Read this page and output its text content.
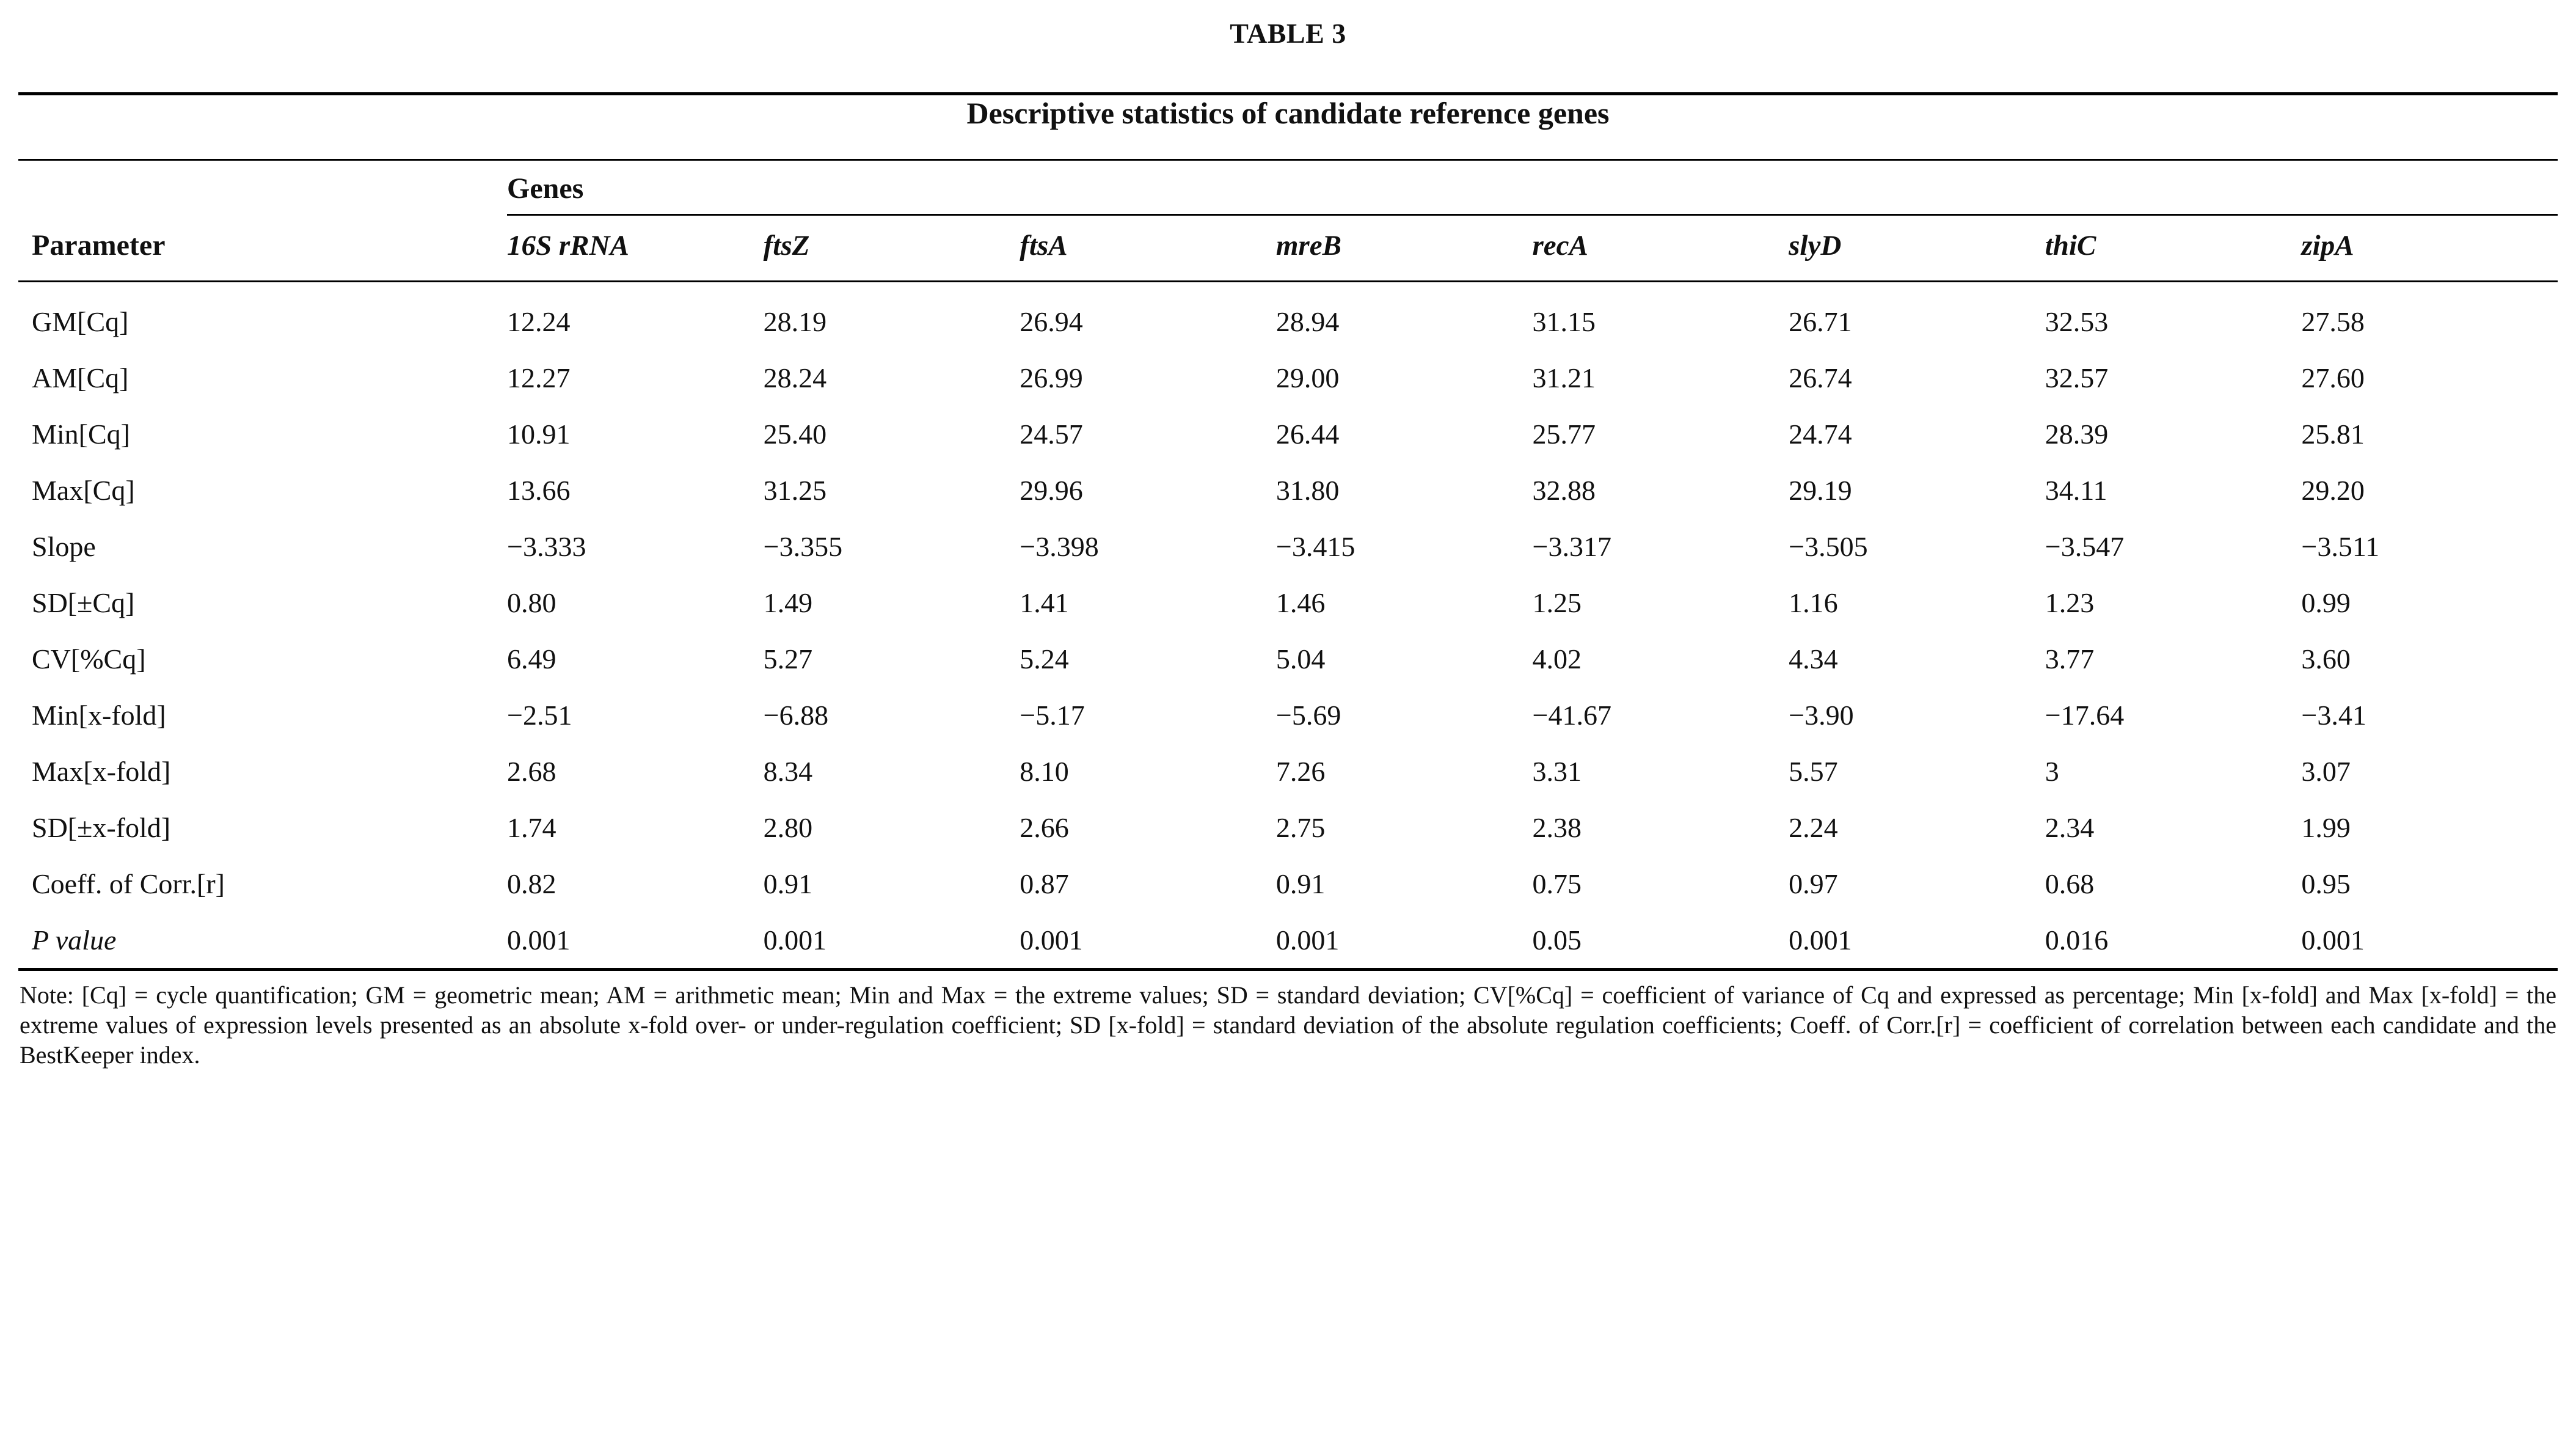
TABLE 3
Descriptive statistics of candidate reference genes
	Genes							

Parameter	16S rRNA	ftsZ	ftsA	mreB	recA	slyD	thiC	zipA

GM[Cq]	12.24	28.19	26.94	28.94	31.15	26.71	32.53	27.58
AM[Cq]	12.27	28.24	26.99	29.00	31.21	26.74	32.57	27.60
Min[Cq]	10.91	25.40	24.57	26.44	25.77	24.74	28.39	25.81
Max[Cq]	13.66	31.25	29.96	31.80	32.88	29.19	34.11	29.20
Slope	−3.333	−3.355	−3.398	−3.415	−3.317	−3.505	−3.547	−3.511
SD[±Cq]	0.80	1.49	1.41	1.46	1.25	1.16	1.23	0.99
CV[%Cq]	6.49	5.27	5.24	5.04	4.02	4.34	3.77	3.60
Min[x-fold]	−2.51	−6.88	−5.17	−5.69	−41.67	−3.90	−17.64	−3.41
Max[x-fold]	2.68	8.34	8.10	7.26	3.31	5.57	3	3.07
SD[±x-fold]	1.74	2.80	2.66	2.75	2.38	2.24	2.34	1.99
Coeff. of Corr.[r]	0.82	0.91	0.87	0.91	0.75	0.97	0.68	0.95
P value	0.001	0.001	0.001	0.001	0.05	0.001	0.016	0.001

Note: [Cq] = cycle quantification; GM = geometric mean; AM = arithmetic mean; Min and Max = the extreme values; SD = standard deviation; CV[%Cq] = coefficient of variance of Cq and expressed as percentage; Min [x-fold] and Max [x-fold] = the extreme values of expression levels presented as an absolute x-fold over- or under-regulation coefficient; SD [x-fold] = standard deviation of the absolute regulation coefficients; Coeff. of Corr.[r] = coefficient of correlation between each candidate and the BestKeeper index.
